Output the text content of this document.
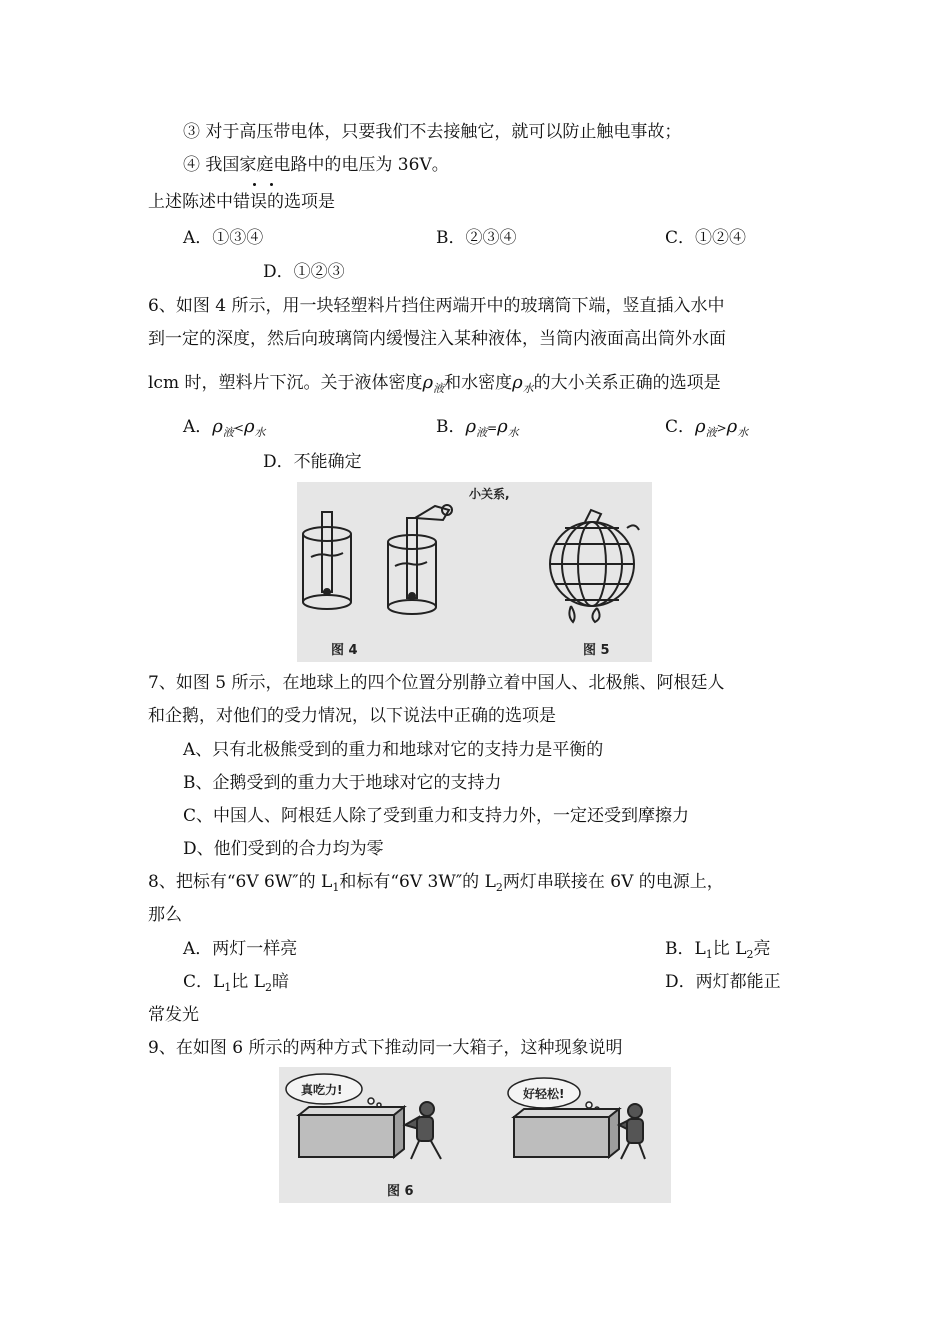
③ 对于高压带电体，只要我们不去接触它，就可以防止触电事故；
④ 我国家庭电路中的电压为 36V。
上述陈述中错误的选项是
A．①③④	B．②③④	C．①②④
D．①②③
6、如图 4 所示，用一块轻塑料片挡住两端开中的玻璃筒下端，竖直插入水中
到一定的深度，然后向玻璃筒内缓慢注入某种液体，当筒内液面高出筒外水面
lcm 时，塑料片下沉。关于液体密度$\rho_液$和水密度$\rho_水$的大小关系正确的选项是
A．$\rho_液<\rho_水$	B．$\rho_液=\rho_水$	C．$\rho_液>\rho_水$
D．不能确定
小关系,
图 4	图 5
7、如图 5 所示，在地球上的四个位置分别静立着中国人、北极熊、阿根廷人
和企鹅，对他们的受力情况，以下说法中正确的选项是
A、只有北极熊受到的重力和地球对它的支持力是平衡的
B、企鹅受到的重力大于地球对它的支持力
C、中国人、阿根廷人除了受到重力和支持力外，一定还受到摩擦力
D、他们受到的合力均为零
8、把标有“6V 6W″的 $L_1$和标有“6V 3W″的 $L_2$两灯串联接在 6V 的电源上，
那么
A．两灯一样亮	B．$L_1$比 $L_2$亮
C．$L_1$比 $L_2$暗	D．两灯都能正
常发光
9、在如图 6 所示的两种方式下推动同一大箱子，这种现象说明
真吃力!	好轻松!
图 6
